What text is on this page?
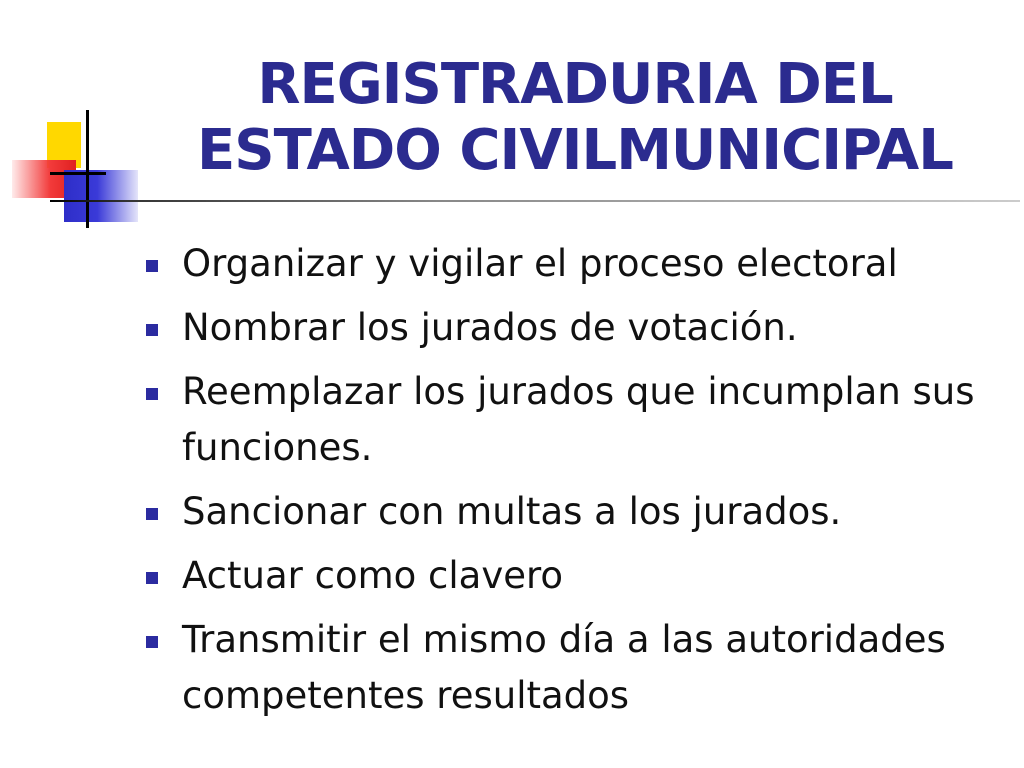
REGISTRADURIA DEL
ESTADO CIVILMUNICIPAL
Organizar y vigilar el proceso electoral
Nombrar los jurados de votación.
Reemplazar los jurados que incumplan sus funciones.
Sancionar con multas a los jurados.
Actuar como clavero
Transmitir el mismo día a las autoridades competentes resultados
